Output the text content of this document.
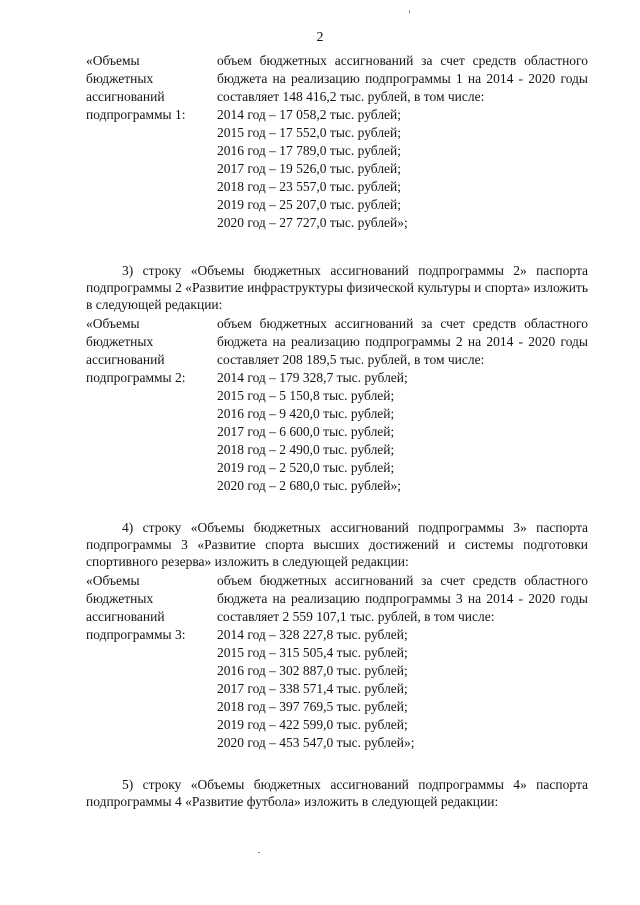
2
«Объемы бюджетных ассигнований подпрограммы 1:
объем бюджетных ассигнований за счет средств областного бюджета на реализацию подпрограммы 1 на 2014 - 2020 годы составляет 148 416,2 тыс. рублей, в том числе:
2014 год – 17 058,2 тыс. рублей;
2015 год – 17 552,0 тыс. рублей;
2016 год – 17 789,0 тыс. рублей;
2017 год – 19 526,0 тыс. рублей;
2018 год – 23 557,0 тыс. рублей;
2019 год – 25 207,0 тыс. рублей;
2020 год – 27 727,0 тыс. рублей»;
3) строку «Объемы бюджетных ассигнований подпрограммы 2» паспорта подпрограммы 2 «Развитие инфраструктуры физической культуры и спорта» изложить в следующей редакции:
«Объемы бюджетных ассигнований подпрограммы 2:
объем бюджетных ассигнований за счет средств областного бюджета на реализацию подпрограммы 2 на 2014 - 2020 годы составляет 208 189,5 тыс. рублей, в том числе:
2014 год – 179 328,7 тыс. рублей;
2015 год – 5 150,8 тыс. рублей;
2016 год – 9 420,0 тыс. рублей;
2017 год – 6 600,0 тыс. рублей;
2018 год – 2 490,0 тыс. рублей;
2019 год – 2 520,0 тыс. рублей;
2020 год – 2 680,0 тыс. рублей»;
4) строку «Объемы бюджетных ассигнований подпрограммы 3» паспорта подпрограммы 3 «Развитие спорта высших достижений и системы подготовки спортивного резерва» изложить в следующей редакции:
«Объемы бюджетных ассигнований подпрограммы 3:
объем бюджетных ассигнований за счет средств областного бюджета на реализацию подпрограммы 3 на 2014 - 2020 годы составляет 2 559 107,1 тыс. рублей, в том числе:
2014 год – 328 227,8 тыс. рублей;
2015 год – 315 505,4 тыс. рублей;
2016 год – 302 887,0 тыс. рублей;
2017 год – 338 571,4 тыс. рублей;
2018 год – 397 769,5 тыс. рублей;
2019 год – 422 599,0 тыс. рублей;
2020 год – 453 547,0 тыс. рублей»;
5) строку «Объемы бюджетных ассигнований подпрограммы 4» паспорта подпрограммы 4 «Развитие футбола» изложить в следующей редакции:
